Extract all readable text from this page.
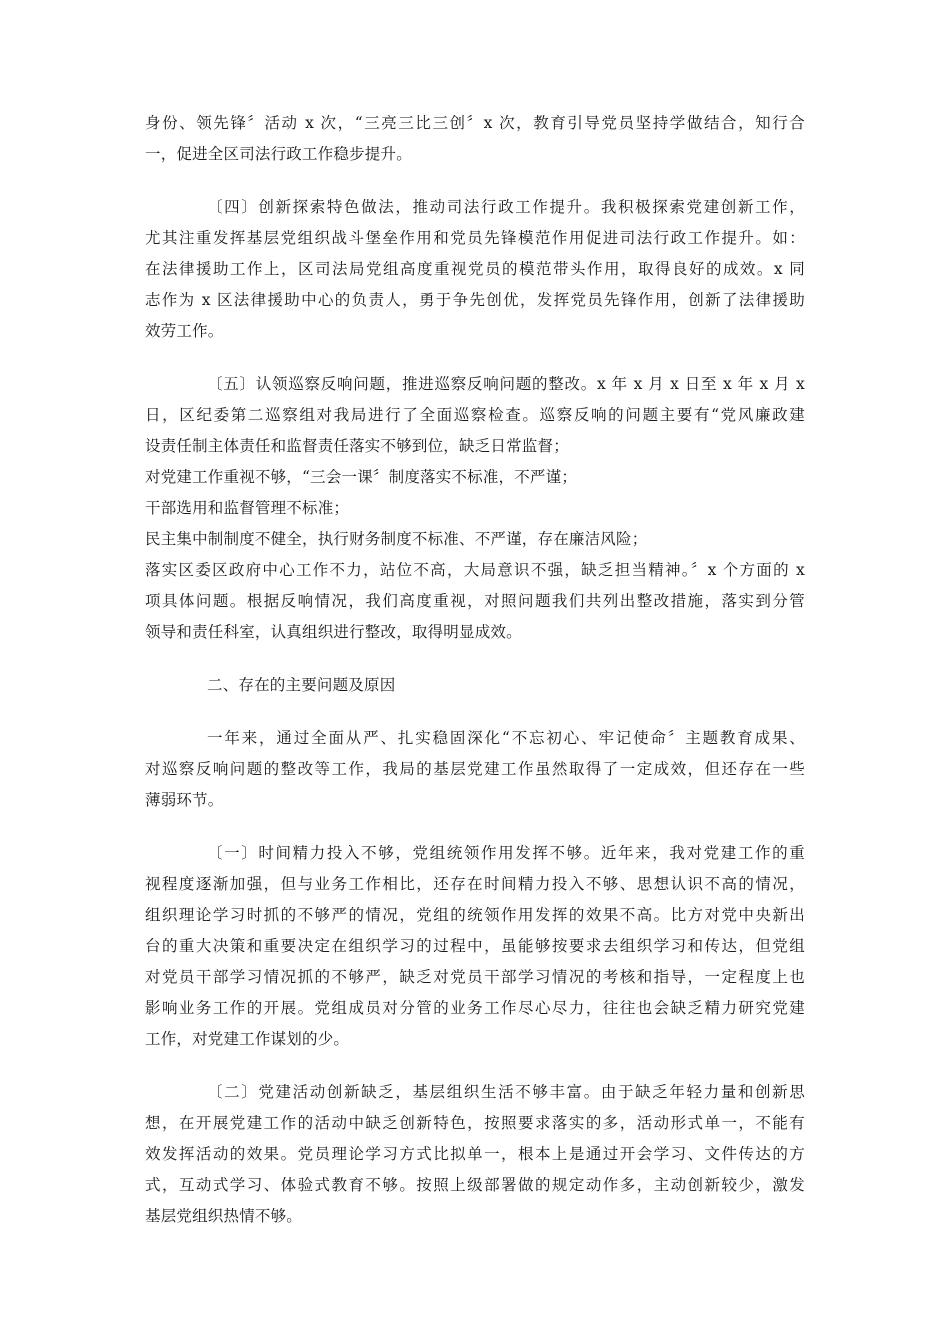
身份、领先锋〞活动 x 次，“三亮三比三创〞x 次，教育引导党员坚持学做结合，知行合
一，促进全区司法行政工作稳步提升。
〔四〕创新探索特色做法，推动司法行政工作提升。我积极探索党建创新工作，
尤其注重发挥基层党组织战斗堡垒作用和党员先锋模范作用促进司法行政工作提升。如：
在法律援助工作上，区司法局党组高度重视党员的模范带头作用，取得良好的成效。x 同
志作为 x 区法律援助中心的负责人，勇于争先创优，发挥党员先锋作用，创新了法律援助
效劳工作。
〔五〕认领巡察反响问题，推进巡察反响问题的整改。x 年 x 月 x 日至 x 年 x 月 x
日，区纪委第二巡察组对我局进行了全面巡察检查。巡察反响的问题主要有“党风廉政建
设责任制主体责任和监督责任落实不够到位，缺乏日常监督；
对党建工作重视不够，“三会一课〞制度落实不标准，不严谨；
干部选用和监督管理不标准；
民主集中制制度不健全，执行财务制度不标准、不严谨，存在廉洁风险；
落实区委区政府中心工作不力，站位不高，大局意识不强，缺乏担当精神。〞x 个方面的 x
项具体问题。根据反响情况，我们高度重视，对照问题我们共列出整改措施，落实到分管
领导和责任科室，认真组织进行整改，取得明显成效。
二、存在的主要问题及原因
一年来，通过全面从严、扎实稳固深化“不忘初心、牢记使命〞主题教育成果、
对巡察反响问题的整改等工作，我局的基层党建工作虽然取得了一定成效，但还存在一些
薄弱环节。
〔一〕时间精力投入不够，党组统领作用发挥不够。近年来，我对党建工作的重
视程度逐渐加强，但与业务工作相比，还存在时间精力投入不够、思想认识不高的情况，
组织理论学习时抓的不够严的情况，党组的统领作用发挥的效果不高。比方对党中央新出
台的重大决策和重要决定在组织学习的过程中，虽能够按要求去组织学习和传达，但党组
对党员干部学习情况抓的不够严，缺乏对党员干部学习情况的考核和指导，一定程度上也
影响业务工作的开展。党组成员对分管的业务工作尽心尽力，往往也会缺乏精力研究党建
工作，对党建工作谋划的少。
〔二〕党建活动创新缺乏，基层组织生活不够丰富。由于缺乏年轻力量和创新思
想，在开展党建工作的活动中缺乏创新特色，按照要求落实的多，活动形式单一，不能有
效发挥活动的效果。党员理论学习方式比拟单一，根本上是通过开会学习、文件传达的方
式，互动式学习、体验式教育不够。按照上级部署做的规定动作多，主动创新较少，激发
基层党组织热情不够。
